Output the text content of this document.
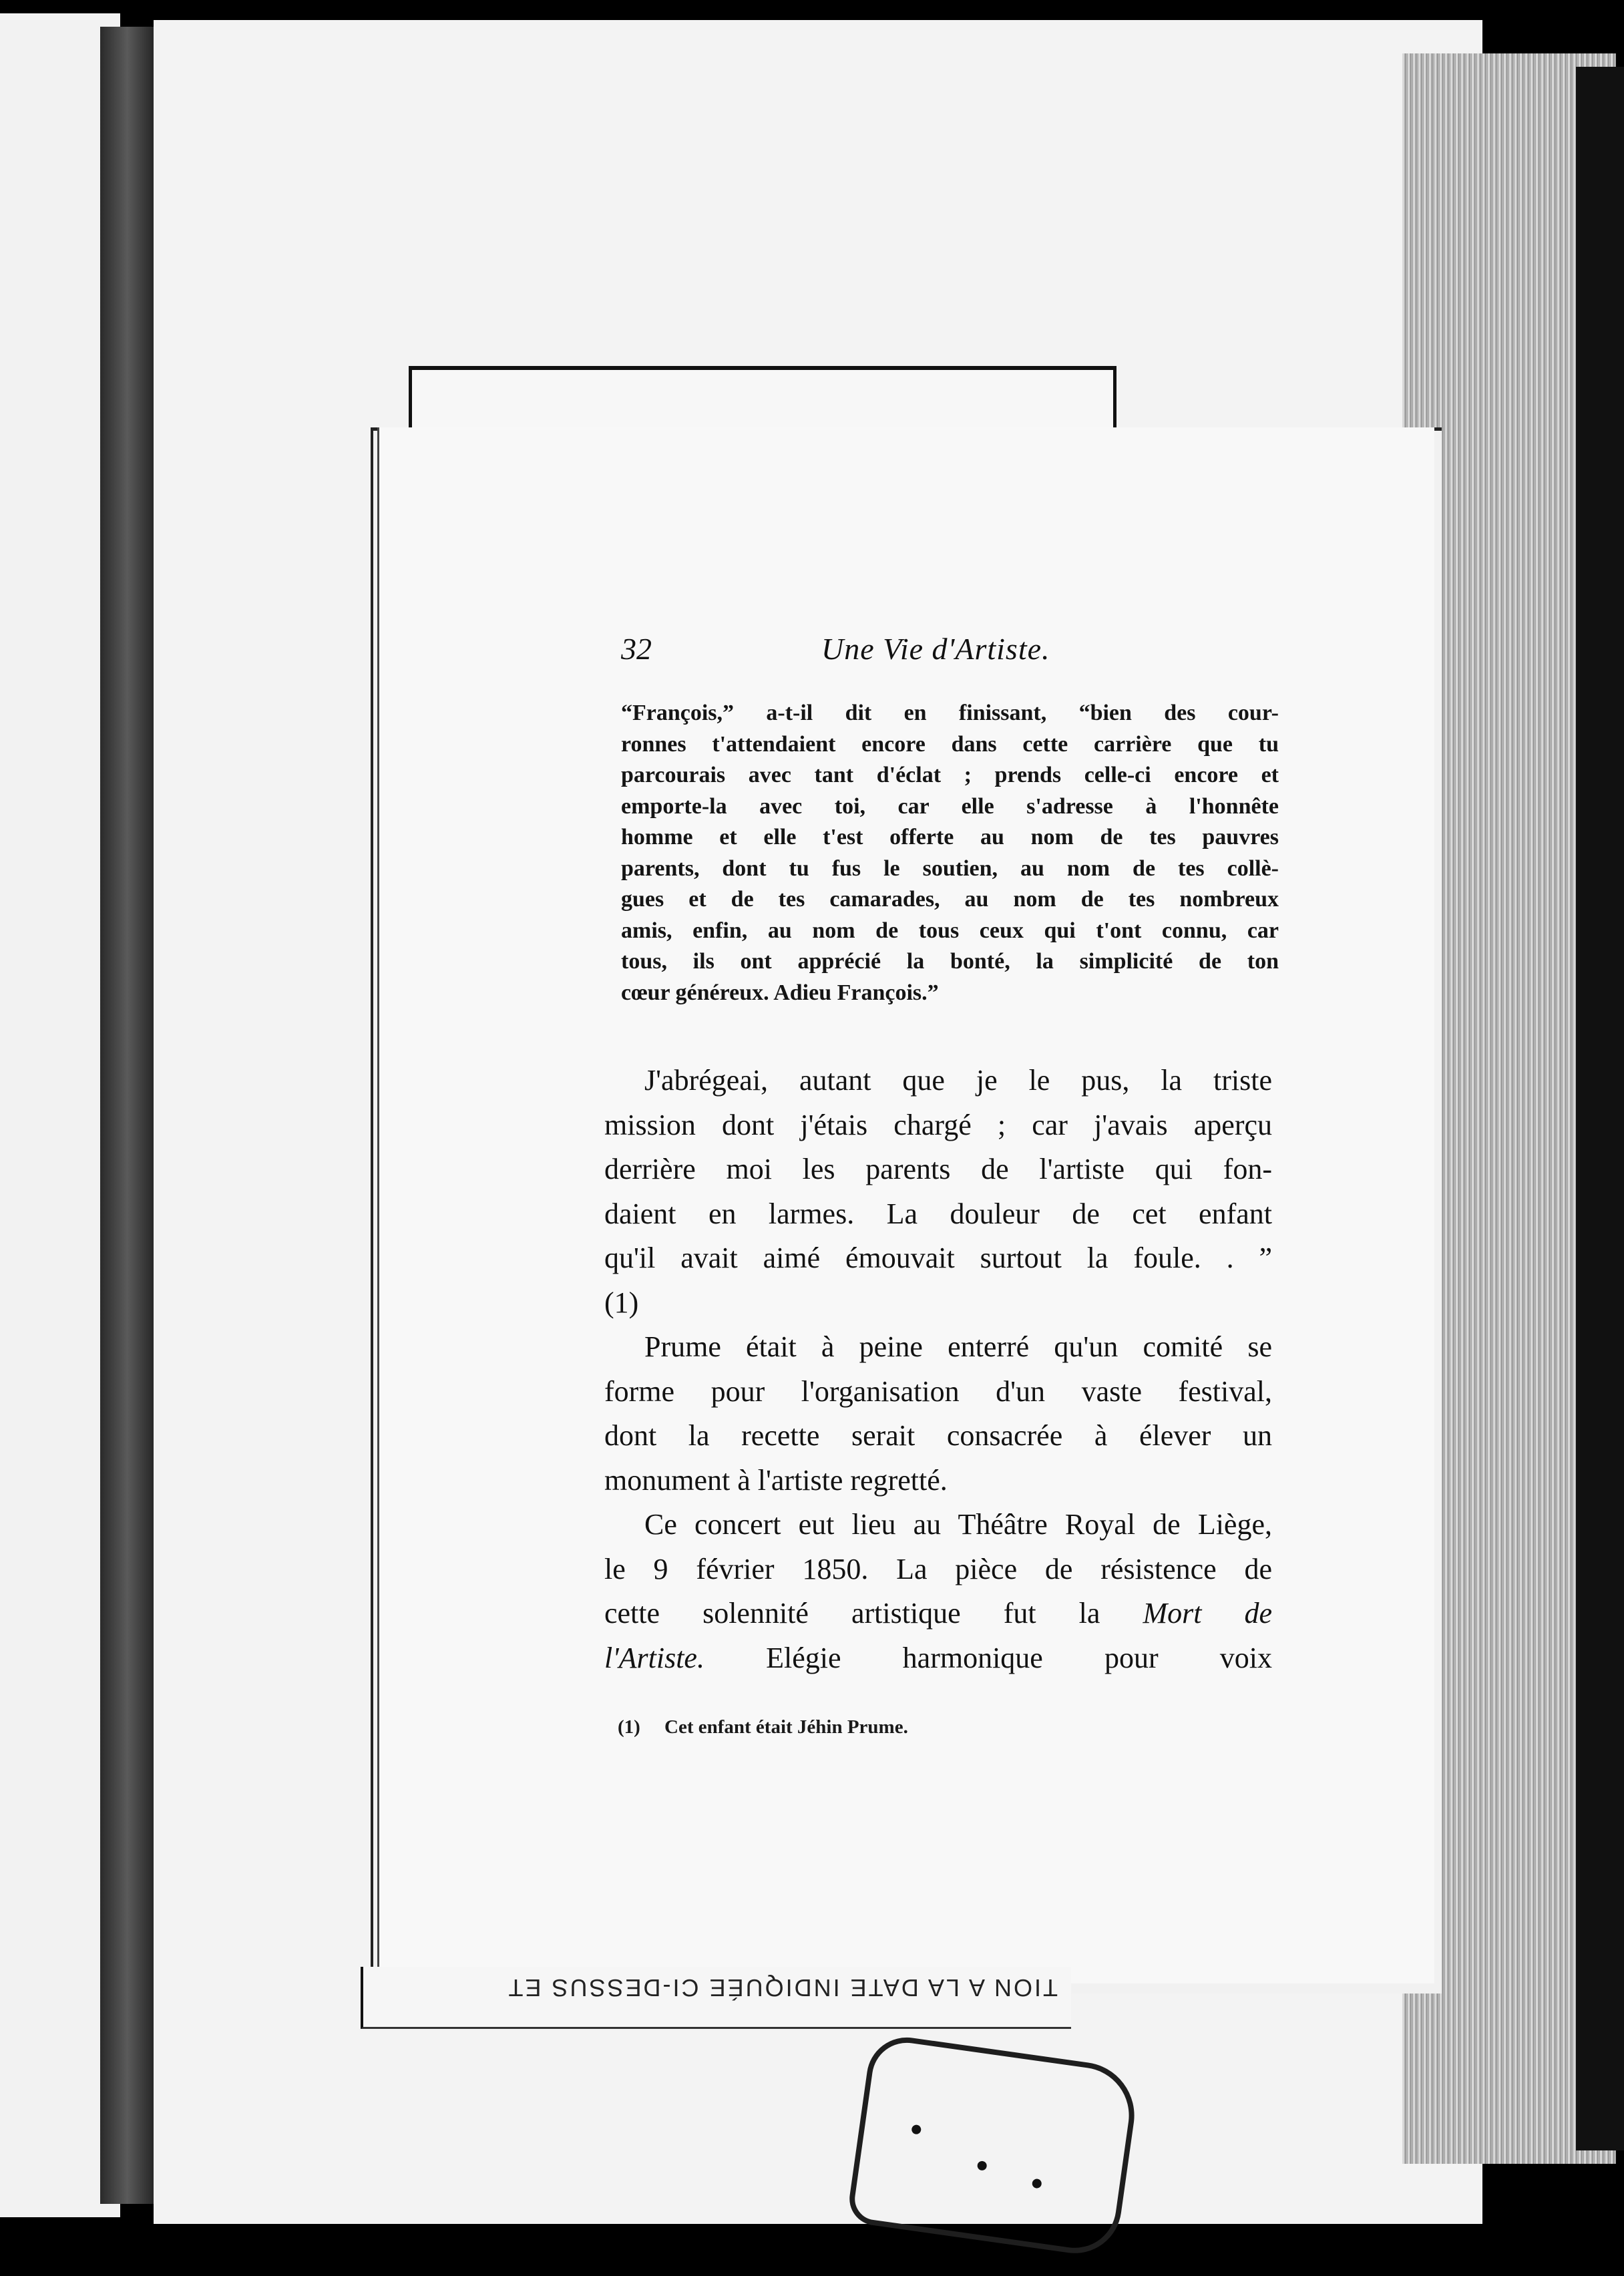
32	Une Vie d'Artiste.
“François,” a-t-il dit en finissant, “bien des cour-
ronnes t'attendaient encore dans cette carrière que tu
parcourais avec tant d'éclat ; prends celle-ci encore et
emporte-la avec toi, car elle s'adresse à l'honnête
homme et elle t'est offerte au nom de tes pauvres
parents, dont tu fus le soutien, au nom de tes collè-
gues et de tes camarades, au nom de tes nombreux
amis, enfin, au nom de tous ceux qui t'ont connu, car
tous, ils ont apprécié la bonté, la simplicité de ton
cœur généreux. Adieu François.”
J'abrégeai, autant que je le pus, la triste
mission dont j'étais chargé ; car j'avais aperçu
derrière moi les parents de l'artiste qui fon-
daient en larmes. La douleur de cet enfant
qu'il avait aimé émouvait surtout la foule. . ”
(1)
Prume était à peine enterré qu'un comité se
forme pour l'organisation d'un vaste festival,
dont la recette serait consacrée à élever un
monument à l'artiste regretté.
Ce concert eut lieu au Théâtre Royal de Liège,
le 9 février 1850. La pièce de résistence de
cette solennité artistique fut la Mort de
l'Artiste. Elégie harmonique pour voix
(1) Cet enfant était Jéhin Prume.
TION A LA DATE INDIQUÉE CI-DESSUS ET
